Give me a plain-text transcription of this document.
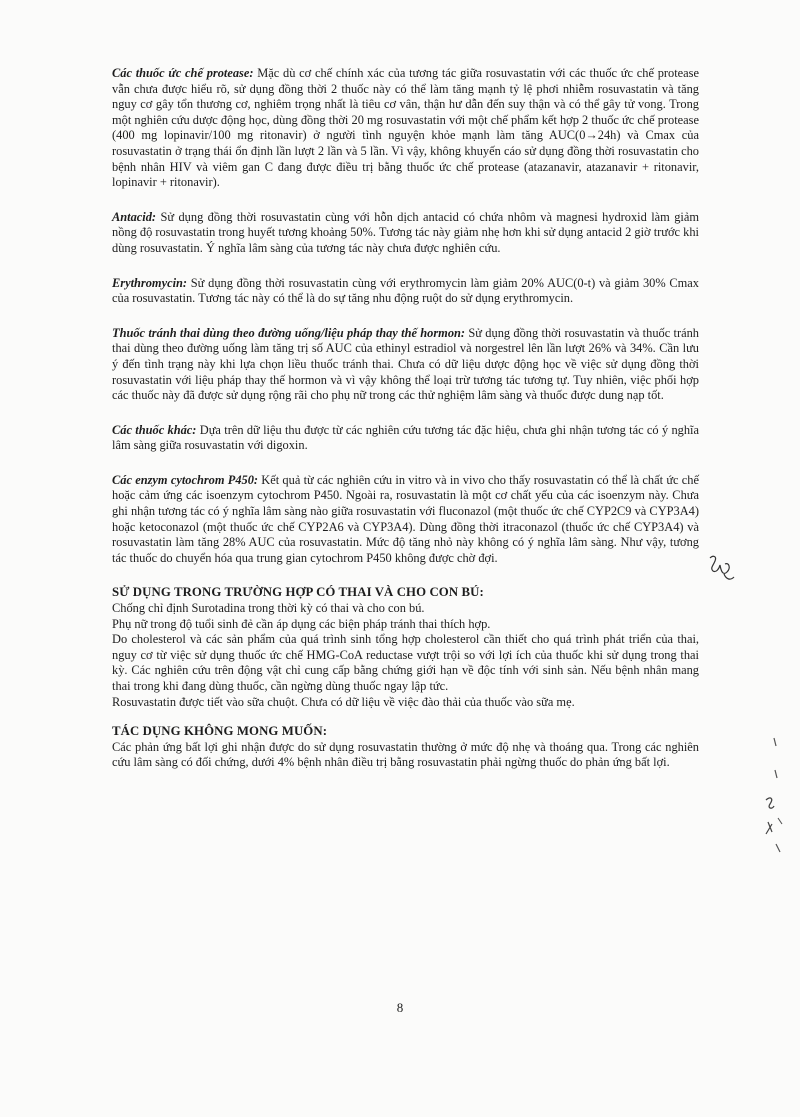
Các thuốc ức chế protease: Mặc dù cơ chế chính xác của tương tác giữa rosuvastatin với các thuốc ức chế protease vẫn chưa được hiểu rõ, sử dụng đồng thời 2 thuốc này có thể làm tăng mạnh tỷ lệ phơi nhiễm rosuvastatin và tăng nguy cơ gây tổn thương cơ, nghiêm trọng nhất là tiêu cơ vân, thận hư dẫn đến suy thận và có thể gây tử vong. Trong một nghiên cứu dược động học, dùng đồng thời 20 mg rosuvastatin với một chế phẩm kết hợp 2 thuốc ức chế protease (400 mg lopinavir/100 mg ritonavir) ở người tình nguyện khỏe mạnh làm tăng AUC(0→24h) và Cmax của rosuvastatin ở trạng thái ổn định lần lượt 2 lần và 5 lần. Vì vậy, không khuyến cáo sử dụng đồng thời rosuvastatin cho bệnh nhân HIV và viêm gan C đang được điều trị bằng thuốc ức chế protease (atazanavir, atazanavir + ritonavir, lopinavir + ritonavir).

Antacid: Sử dụng đồng thời rosuvastatin cùng với hỗn dịch antacid có chứa nhôm và magnesi hydroxid làm giảm nồng độ rosuvastatin trong huyết tương khoảng 50%. Tương tác này giảm nhẹ hơn khi sử dụng antacid 2 giờ trước khi dùng rosuvastatin. Ý nghĩa lâm sàng của tương tác này chưa được nghiên cứu.

Erythromycin: Sử dụng đồng thời rosuvastatin cùng với erythromycin làm giảm 20% AUC(0-t) và giảm 30% Cmax của rosuvastatin. Tương tác này có thể là do sự tăng nhu động ruột do sử dụng erythromycin.

Thuốc tránh thai dùng theo đường uống/liệu pháp thay thế hormon: Sử dụng đồng thời rosuvastatin và thuốc tránh thai dùng theo đường uống làm tăng trị số AUC của ethinyl estradiol và norgestrel lên lần lượt 26% và 34%. Cần lưu ý đến tình trạng này khi lựa chọn liều thuốc tránh thai. Chưa có dữ liệu dược động học về việc sử dụng đồng thời rosuvastatin với liệu pháp thay thế hormon và vì vậy không thể loại trừ tương tác tương tự. Tuy nhiên, việc phối hợp các thuốc này đã được sử dụng rộng rãi cho phụ nữ trong các thử nghiệm lâm sàng và thuốc được dung nạp tốt.

Các thuốc khác: Dựa trên dữ liệu thu được từ các nghiên cứu tương tác đặc hiệu, chưa ghi nhận tương tác có ý nghĩa lâm sàng giữa rosuvastatin với digoxin.

Các enzym cytochrom P450: Kết quả từ các nghiên cứu in vitro và in vivo cho thấy rosuvastatin có thể là chất ức chế hoặc cảm ứng các isoenzym cytochrom P450. Ngoài ra, rosuvastatin là một cơ chất yếu của các isoenzym này. Chưa ghi nhận tương tác có ý nghĩa lâm sàng nào giữa rosuvastatin với fluconazol (một thuốc ức chế CYP2C9 và CYP3A4) hoặc ketoconazol (một thuốc ức chế CYP2A6 và CYP3A4). Dùng đồng thời itraconazol (thuốc ức chế CYP3A4) và rosuvastatin làm tăng 28% AUC của rosuvastatin. Mức độ tăng nhỏ này không có ý nghĩa lâm sàng. Như vậy, tương tác thuốc do chuyển hóa qua trung gian cytochrom P450 không được chờ đợi.

SỬ DỤNG TRONG TRƯỜNG HỢP CÓ THAI VÀ CHO CON BÚ:

Chống chỉ định Surotadina trong thời kỳ có thai và cho con bú.

Phụ nữ trong độ tuổi sinh đẻ cần áp dụng các biện pháp tránh thai thích hợp.

Do cholesterol và các sản phẩm của quá trình sinh tổng hợp cholesterol cần thiết cho quá trình phát triển của thai, nguy cơ từ việc sử dụng thuốc ức chế HMG-CoA reductase vượt trội so với lợi ích của thuốc khi sử dụng trong thai kỳ. Các nghiên cứu trên động vật chỉ cung cấp bằng chứng giới hạn về độc tính với sinh sản. Nếu bệnh nhân mang thai trong khi đang dùng thuốc, cần ngừng dùng thuốc ngay lập tức.

Rosuvastatin được tiết vào sữa chuột. Chưa có dữ liệu về việc đào thải của thuốc vào sữa mẹ.

TÁC DỤNG KHÔNG MONG MUỐN:

Các phản ứng bất lợi ghi nhận được do sử dụng rosuvastatin thường ở mức độ nhẹ và thoáng qua. Trong các nghiên cứu lâm sàng có đối chứng, dưới 4% bệnh nhân điều trị bằng rosuvastatin phải ngừng thuốc do phản ứng bất lợi.

8
